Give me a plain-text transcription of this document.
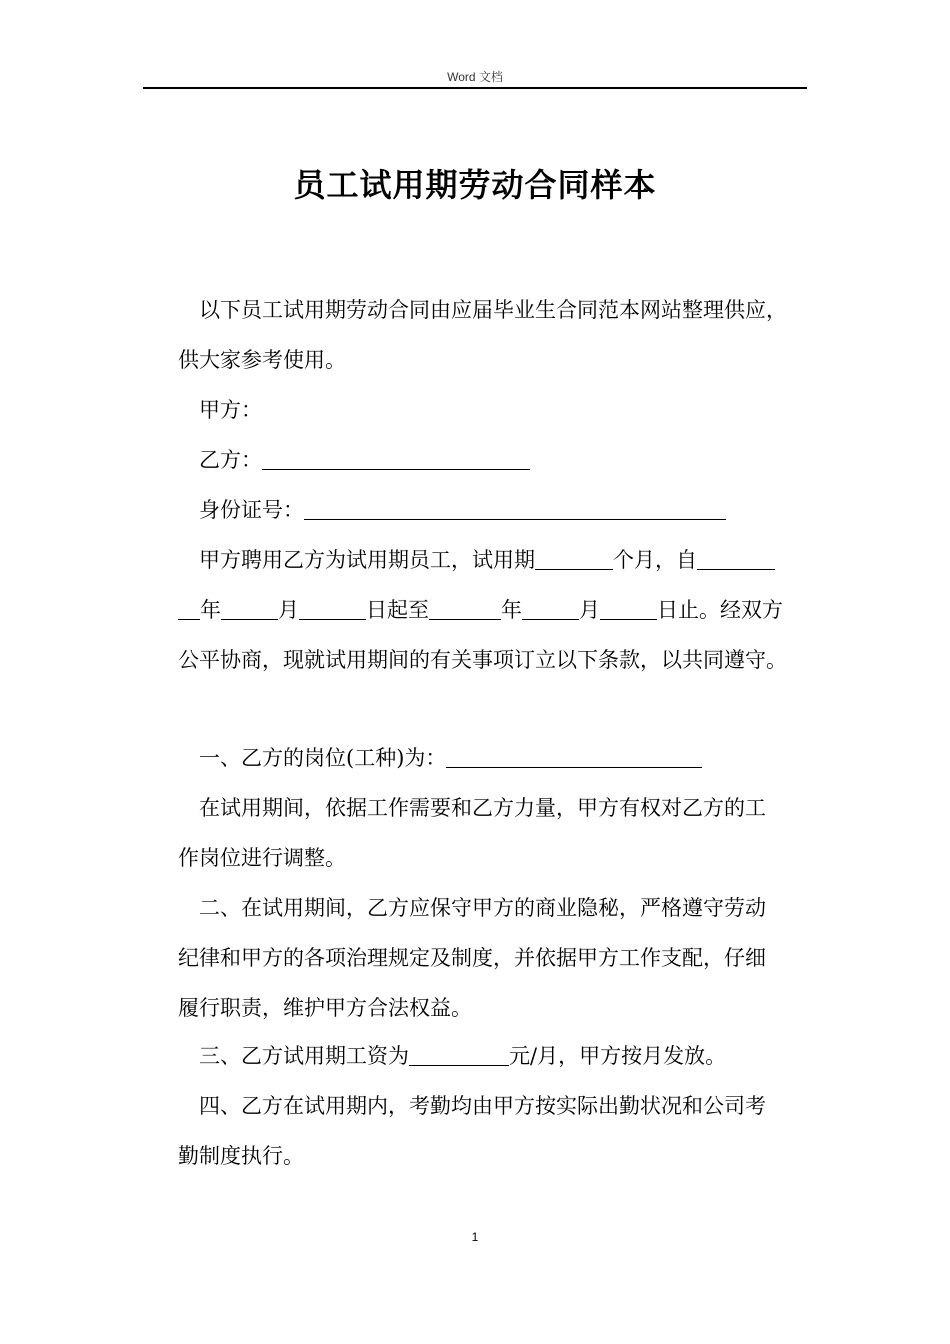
Word 文档
员工试用期劳动合同样本
以下员工试用期劳动合同由应届毕业生合同范本网站整理供应，
供大家参考使用。
甲方：
乙方：
身份证号：
甲方聘用乙方为试用期员工，试用期	个月，自
年	月	日起至	年	月	日止。经双方
公平协商，现就试用期间的有关事项订立以下条款，以共同遵守。
一、乙方的岗位(工种)为：
在试用期间，依据工作需要和乙方力量，甲方有权对乙方的工
作岗位进行调整。
二、在试用期间，乙方应保守甲方的商业隐秘，严格遵守劳动
纪律和甲方的各项治理规定及制度，并依据甲方工作支配，仔细
履行职责，维护甲方合法权益。
三、乙方试用期工资为	元/月，甲方按月发放。
四、乙方在试用期内，考勤均由甲方按实际出勤状况和公司考
勤制度执行。
1
